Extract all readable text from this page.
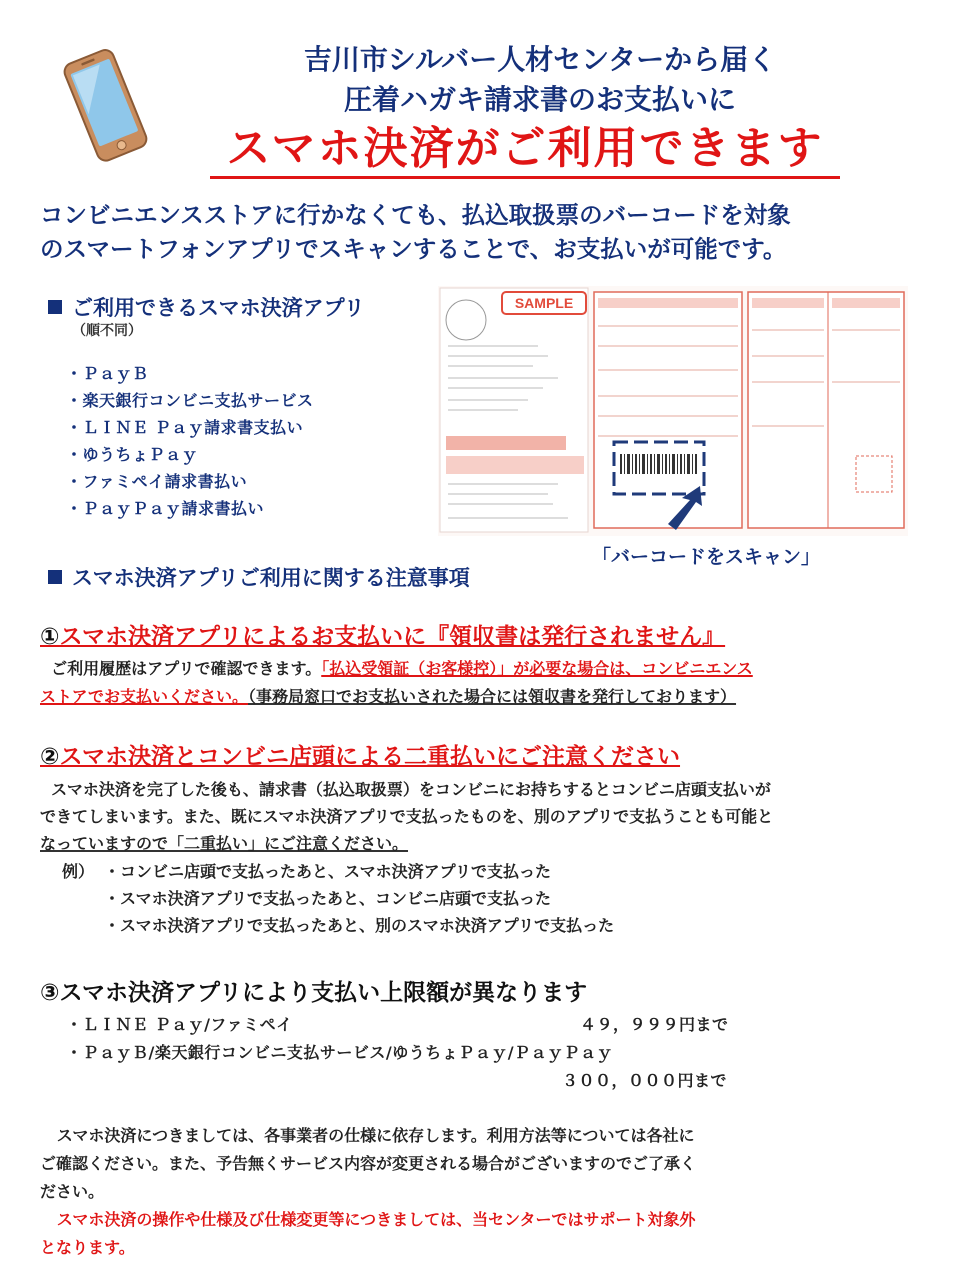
吉川市シルバー人材センターから届く
圧着ハガキ請求書のお支払いに
スマホ決済がご利用できます
コンビニエンスストアに行かなくても、払込取扱票のバーコードを対象
のスマートフォンアプリでスキャンすることで、お支払いが可能です。
ご利用できるスマホ決済アプリ
（順不同）
・ＰａｙＢ
・楽天銀行コンビニ支払サービス
・ＬＩＮＥ Ｐａｙ請求書支払い
・ゆうちょＰａｙ
・ファミペイ請求書払い
・ＰａｙＰａｙ請求書払い
SAMPLE
「バーコードをスキャン」
スマホ決済アプリご利用に関する注意事項
①スマホ決済アプリによるお支払いに『領収書は発行されません』
ご利用履歴はアプリで確認できます。「払込受領証（お客様控）」が必要な場合は、コンビニエンス
ストアでお支払いください。（事務局窓口でお支払いされた場合には領収書を発行しております）
②スマホ決済とコンビニ店頭による二重払いにご注意ください
スマホ決済を完了した後も、請求書（払込取扱票）をコンビニにお持ちするとコンビニ店頭支払いが
できてしまいます。また、既にスマホ決済アプリで支払ったものを、別のアプリで支払うことも可能と
なっていますので「二重払い」にご注意ください。
例） ・コンビニ店頭で支払ったあと、スマホ決済アプリで支払った
・スマホ決済アプリで支払ったあと、コンビニ店頭で支払った
・スマホ決済アプリで支払ったあと、別のスマホ決済アプリで支払った
③スマホ決済アプリにより支払い上限額が異なります
・ＬＩＮＥ Ｐａｙ/ファミペイ	４９，９９９円まで
・ＰａｙＢ/楽天銀行コンビニ支払サービス/ゆうちょＰａｙ/ＰａｙＰａｙ
３００，０００円まで
スマホ決済につきましては、各事業者の仕様に依存します。利用方法等については各社に
ご確認ください。また、予告無くサービス内容が変更される場合がございますのでご了承く
ださい。
スマホ決済の操作や仕様及び仕様変更等につきましては、当センターではサポート対象外
となります。
